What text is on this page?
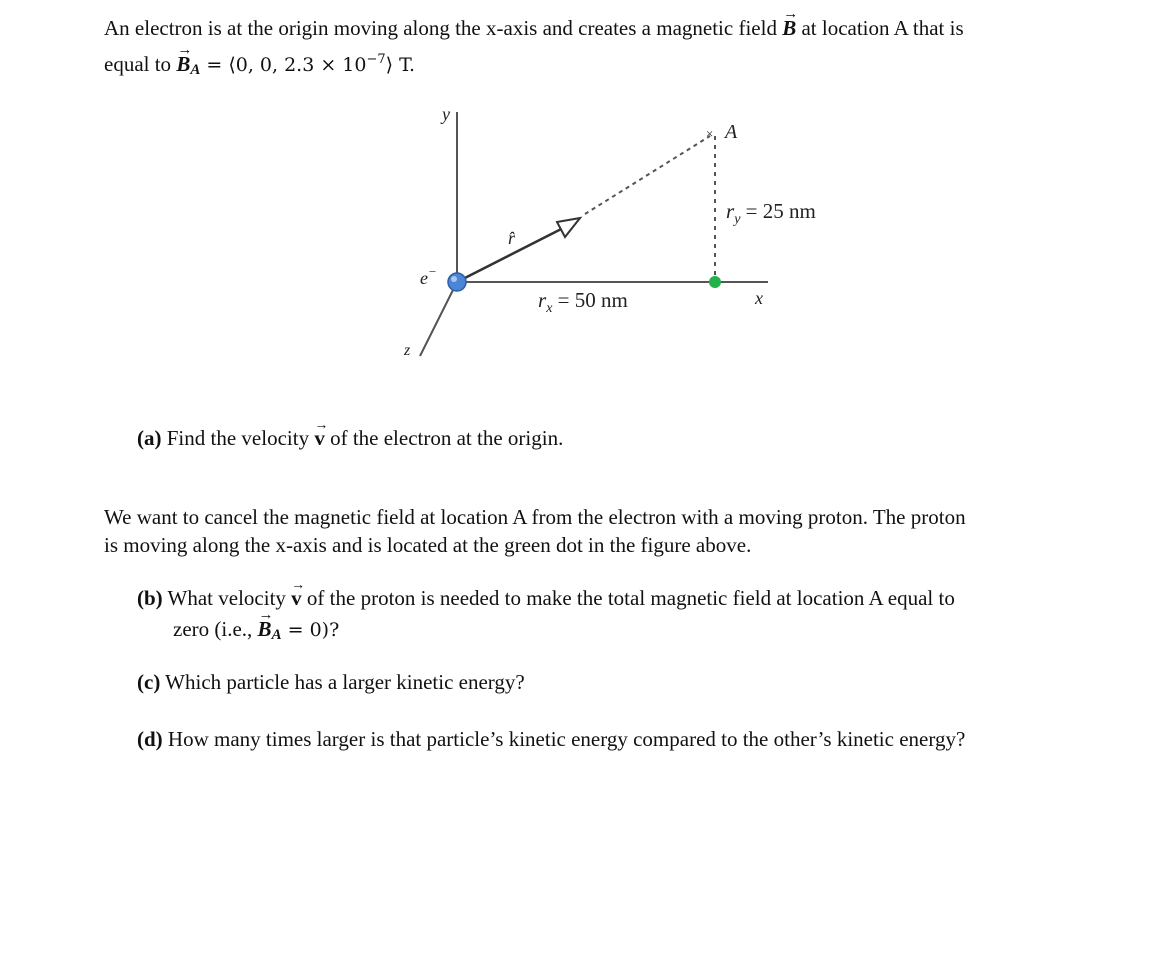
An electron is at the origin moving along the x-axis and creates a magnetic field → B at location A that is
equal to → BA = ⟨0, 0, $2.3 \times 10^{-7}⟩$ T.

×
y
x
z
e−
A
r̂
$r_x = 50$ nm
$r_y = 25$ nm

(a) Find the velocity → v of the electron at the origin.

We want to cancel the magnetic field at location A from the electron with a moving proton. The proton
is moving along the x-axis and is located at the green dot in the figure above.

(b) What velocity → v of the proton is needed to make the total magnetic field at location A equal to
zero (i.e., → BA = 0)?

(c) Which particle has a larger kinetic energy?

(d) How many times larger is that particle’s kinetic energy compared to the other’s kinetic energy?
